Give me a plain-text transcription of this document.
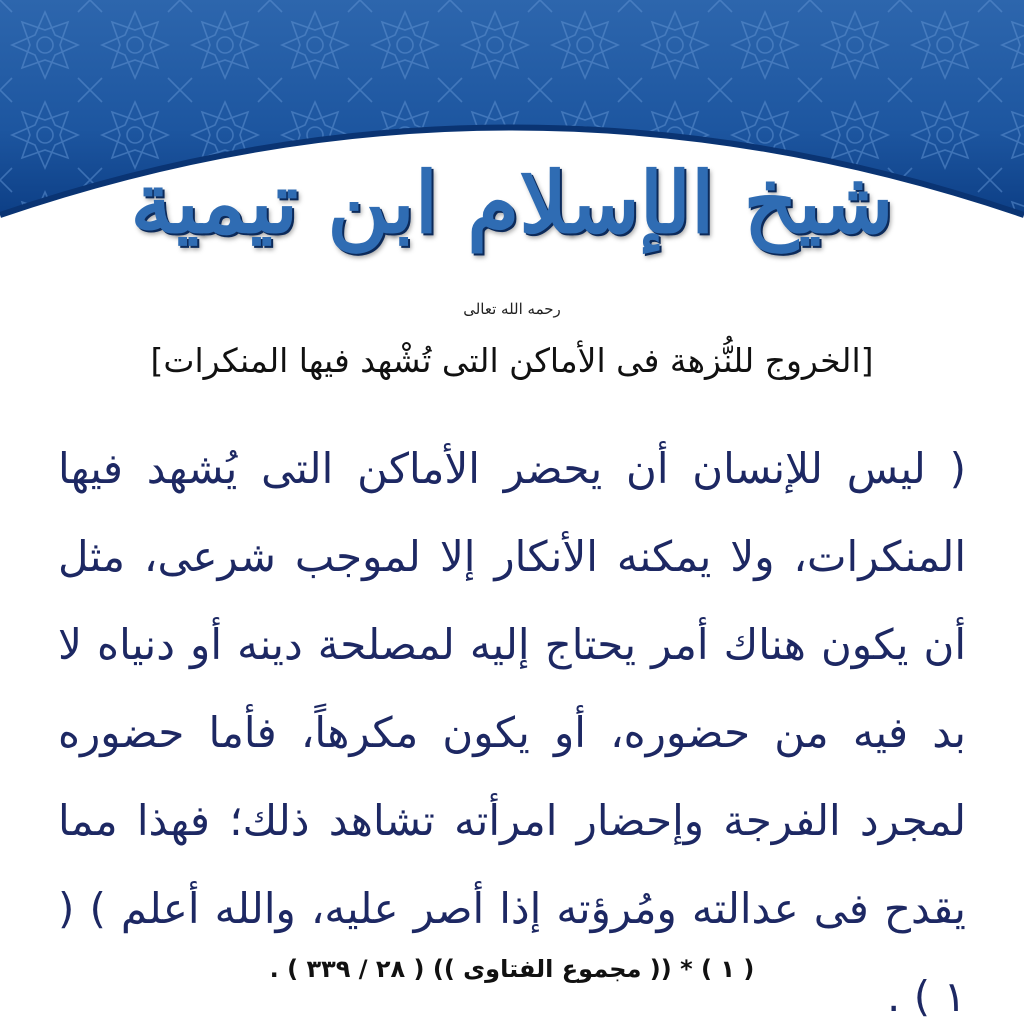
شيخ الإسلام ابن تيمية
رحمه الله تعالى
[الخروج للنُّزهة فى الأماكن التى تُشْهد فيها المنكرات]
( ليس للإنسان أن يحضر الأماكن التى يُشهد فيها المنكرات، ولا يمكنه الأنكار إلا لموجب شرعى، مثل أن يكون هناك أمر يحتاج إليه لمصلحة دينه أو دنياه لا بد فيه من حضوره، أو يكون مكرهاً، فأما حضوره لمجرد الفرجة وإحضار امرأته تشاهد ذلك؛ فهذا مما يقدح فى عدالته ومُرؤته إذا أصر عليه، والله أعلم ) ( ١ ) .
( ١ ) * (( مجموع الفتاوى )) ( ٢٨ / ٣٣٩ ) .
